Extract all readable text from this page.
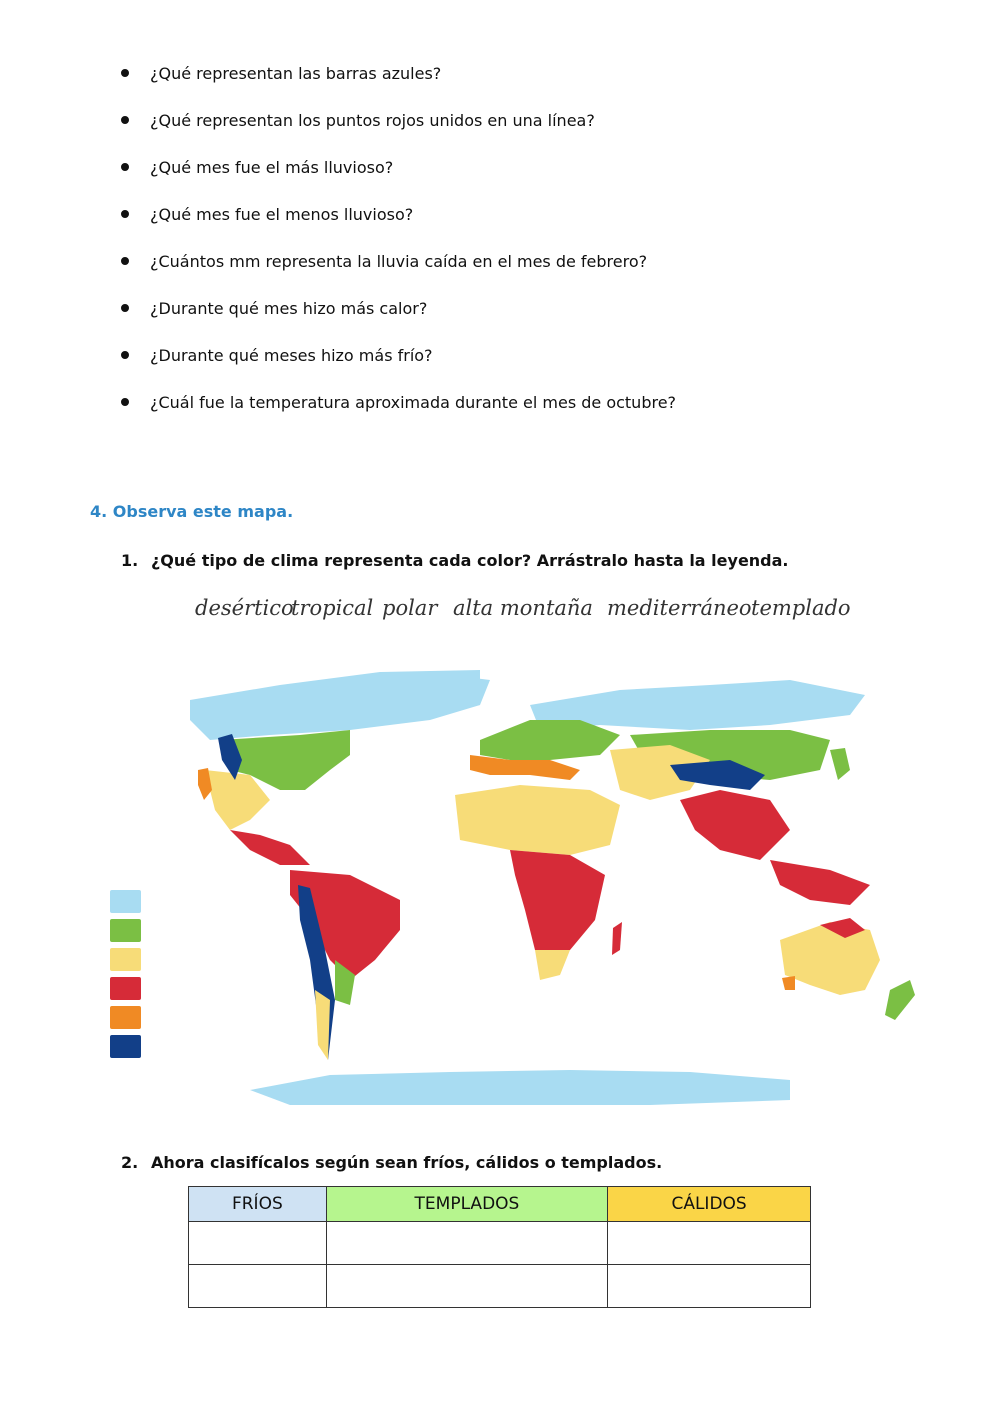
¿Qué representan las barras azules?
¿Qué representan los puntos rojos unidos en una línea?
¿Qué mes fue el más lluvioso?
¿Qué mes fue el menos lluvioso?
¿Cuántos mm representa la lluvia caída en el mes de febrero?
¿Durante qué mes hizo más calor?
¿Durante qué meses hizo más frío?
¿Cuál fue la temperatura aproximada durante el mes de octubre?
4. Observa este mapa.
1. ¿Qué tipo de clima representa cada color? Arrástralo hasta la leyenda.
desértico
tropical polar alta montaña mediterráneo templado
2. Ahora clasifícalos según sean fríos, cálidos o templados.
FRÍOS	TEMPLADOS	CÁLIDOS
